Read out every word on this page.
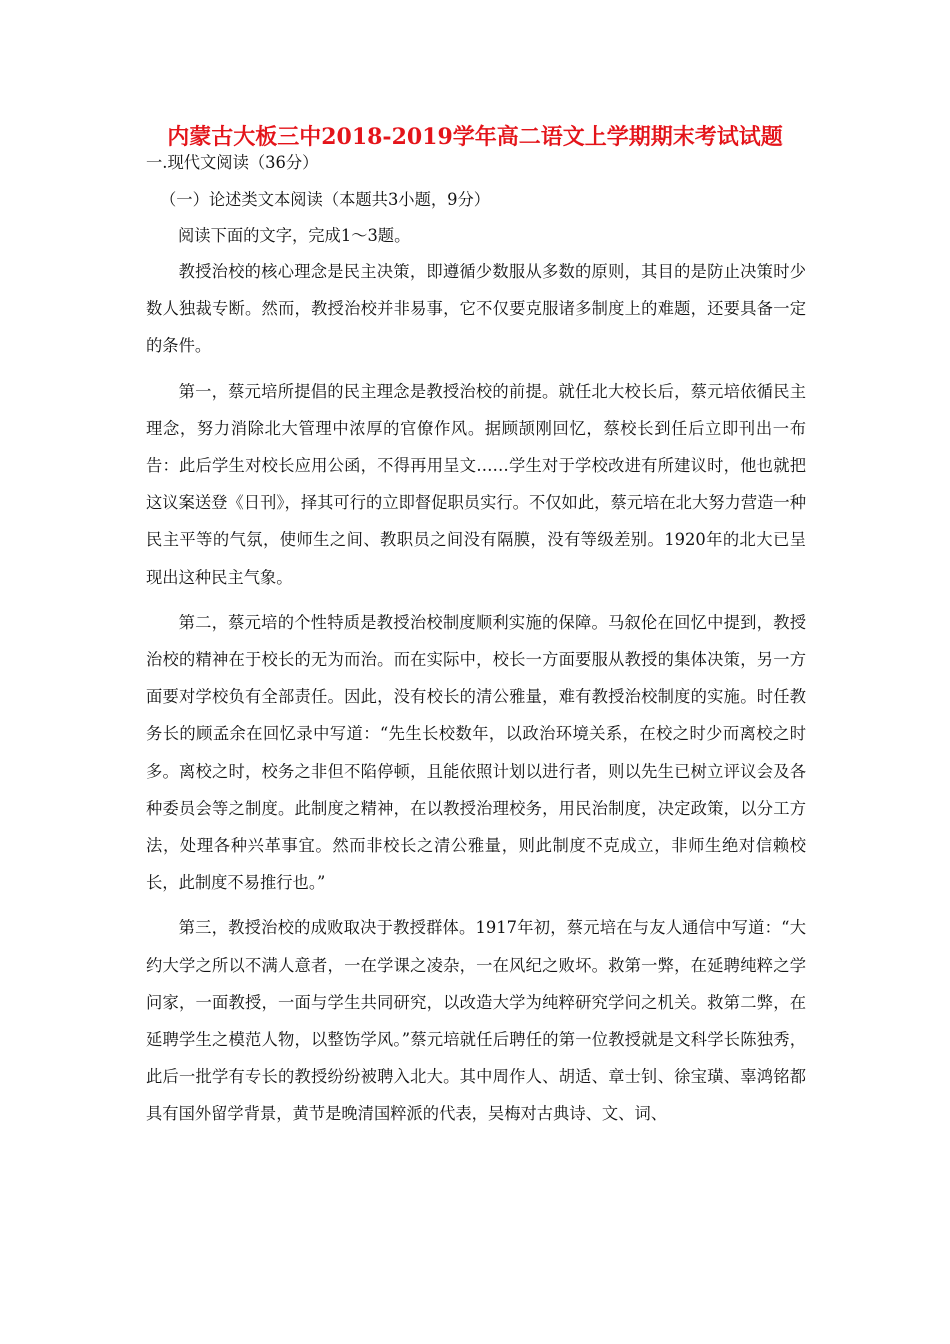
内蒙古大板三中2018-2019学年高二语文上学期期末考试试题
一.现代文阅读（36分）
（一）论述类文本阅读（本题共3小题，9分）
阅读下面的文字，完成1～3题。

教授治校的核心理念是民主决策，即遵循少数服从多数的原则，其目的是防止决策时少数人独裁专断。然而，教授治校并非易事，它不仅要克服诸多制度上的难题，还要具备一定的条件。

第一，蔡元培所提倡的民主理念是教授治校的前提。就任北大校长后，蔡元培依循民主理念，努力消除北大管理中浓厚的官僚作风。据顾颉刚回忆，蔡校长到任后立即刊出一布告：此后学生对校长应用公函，不得再用呈文……学生对于学校改进有所建议时，他也就把这议案送登《日刊》，择其可行的立即督促职员实行。不仅如此，蔡元培在北大努力营造一种民主平等的气氛，使师生之间、教职员之间没有隔膜，没有等级差别。1920年的北大已呈现出这种民主气象。

第二，蔡元培的个性特质是教授治校制度顺利实施的保障。马叙伦在回忆中提到，教授治校的精神在于校长的无为而治。而在实际中，校长一方面要服从教授的集体决策，另一方面要对学校负有全部责任。因此，没有校长的清公雅量，难有教授治校制度的实施。时任教务长的顾孟余在回忆录中写道：“先生长校数年，以政治环境关系，在校之时少而离校之时多。离校之时，校务之非但不陷停顿，且能依照计划以进行者，则以先生已树立评议会及各种委员会等之制度。此制度之精神，在以教授治理校务，用民治制度，决定政策，以分工方法，处理各种兴革事宜。然而非校长之清公雅量，则此制度不克成立，非师生绝对信赖校长，此制度不易推行也。”

第三，教授治校的成败取决于教授群体。1917年初，蔡元培在与友人通信中写道：“大约大学之所以不满人意者，一在学课之凌杂，一在风纪之败坏。救第一弊，在延聘纯粹之学问家，一面教授，一面与学生共同研究，以改造大学为纯粹研究学问之机关。救第二弊，在延聘学生之模范人物，以整饬学风。”蔡元培就任后聘任的第一位教授就是文科学长陈独秀，此后一批学有专长的教授纷纷被聘入北大。其中周作人、胡适、章士钊、徐宝璜、辜鸿铭都具有国外留学背景，黄节是晚清国粹派的代表，吴梅对古典诗、文、词、
